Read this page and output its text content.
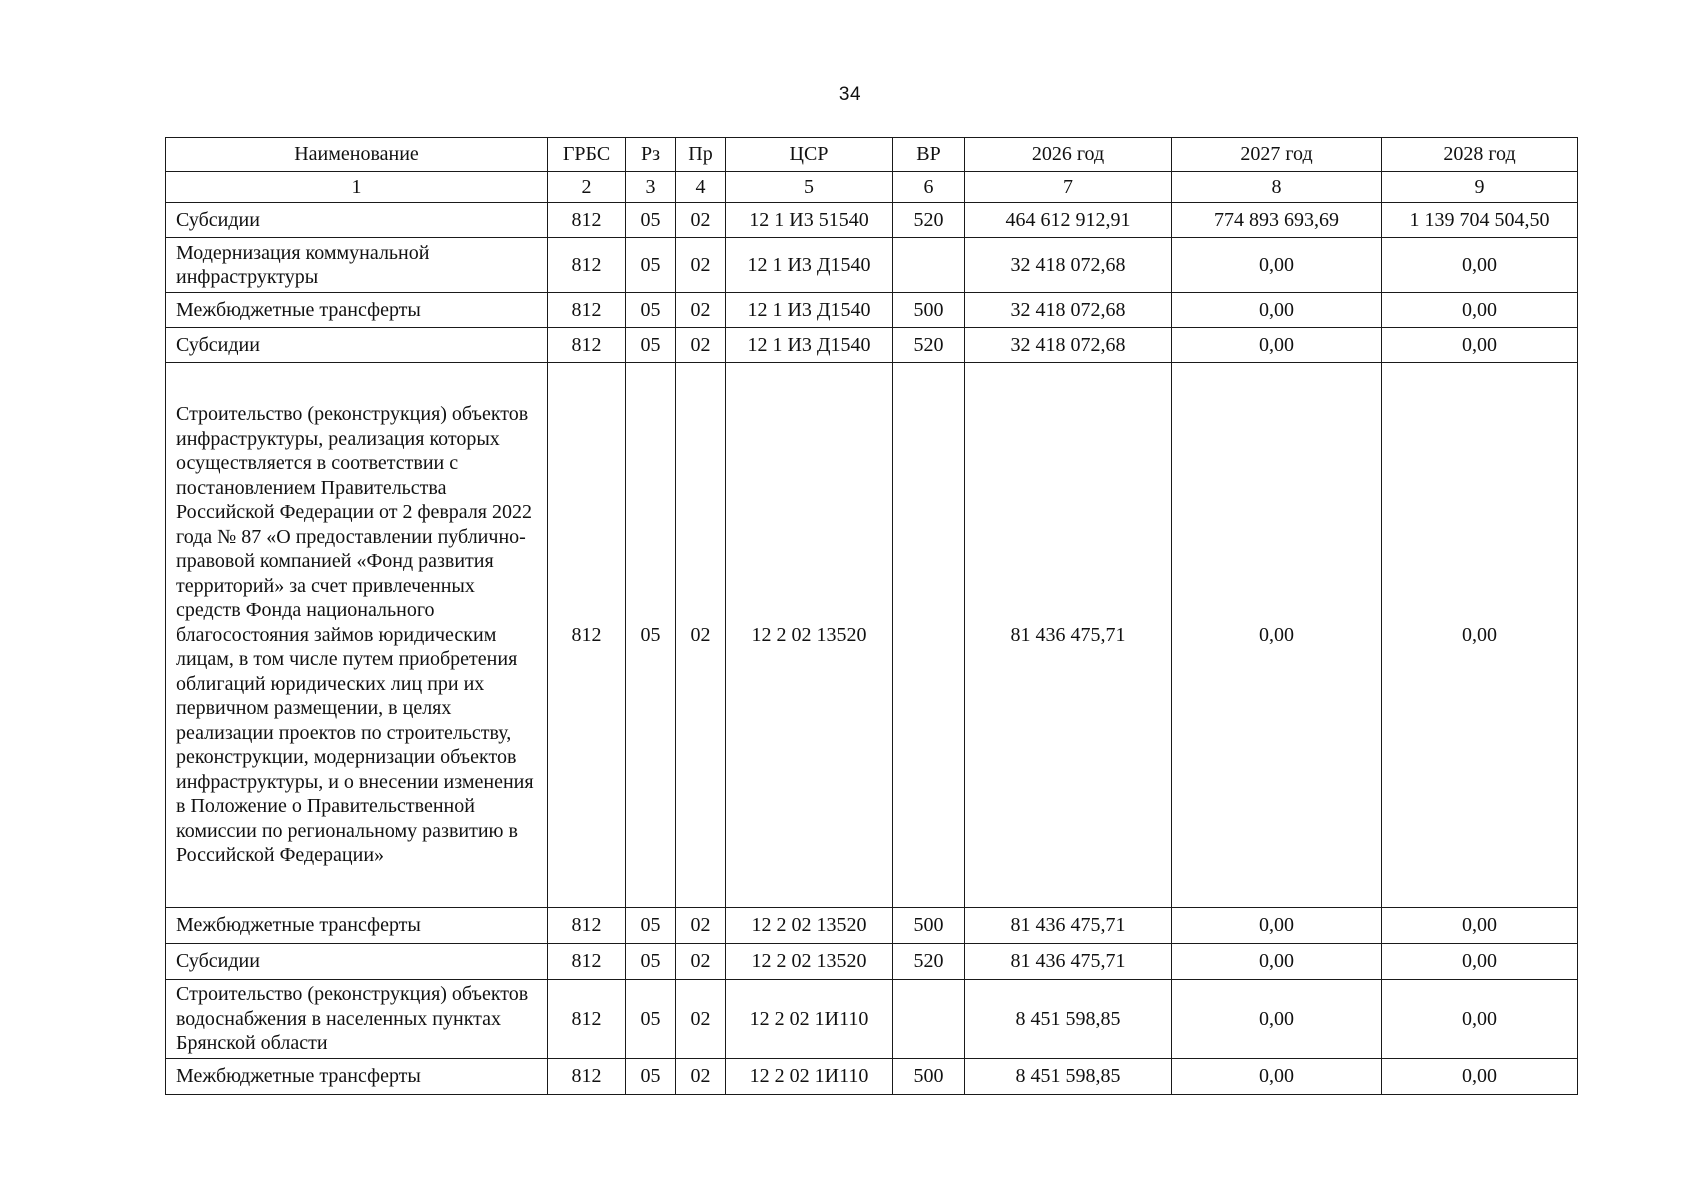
34
Наименование	ГРБС	Рз	Пр	ЦСР	ВР	2026 год	2027 год	2028 год
1	2	3	4	5	6	7	8	9
Субсидии	812	05	02	12 1 И3 51540	520	464 612 912,91	774 893 693,69	1 139 704 504,50
Модернизация коммунальной инфраструктуры	812	05	02	12 1 И3 Д1540		32 418 072,68	0,00	0,00
Межбюджетные трансферты	812	05	02	12 1 И3 Д1540	500	32 418 072,68	0,00	0,00
Субсидии	812	05	02	12 1 И3 Д1540	520	32 418 072,68	0,00	0,00
Строительство (реконструкция) объектов инфраструктуры, реализация которых осуществляется в соответствии с постановлением Правительства Российской Федерации от 2 февраля 2022 года № 87 «О предоставлении публично-правовой компанией «Фонд развития территорий» за счет привлеченных средств Фонда национального благосостояния займов юридическим лицам, в том числе путем приобретения облигаций юридических лиц при их первичном размещении, в целях реализации проектов по строительству, реконструкции, модернизации объектов инфраструктуры, и о внесении изменения в Положение о Правительственной комиссии по региональному развитию в Российской Федерации»	812	05	02	12 2 02 13520		81 436 475,71	0,00	0,00
Межбюджетные трансферты	812	05	02	12 2 02 13520	500	81 436 475,71	0,00	0,00
Субсидии	812	05	02	12 2 02 13520	520	81 436 475,71	0,00	0,00
Строительство (реконструкция) объектов водоснабжения в населенных пунктах Брянской области	812	05	02	12 2 02 1И110		8 451 598,85	0,00	0,00
Межбюджетные трансферты	812	05	02	12 2 02 1И110	500	8 451 598,85	0,00	0,00
